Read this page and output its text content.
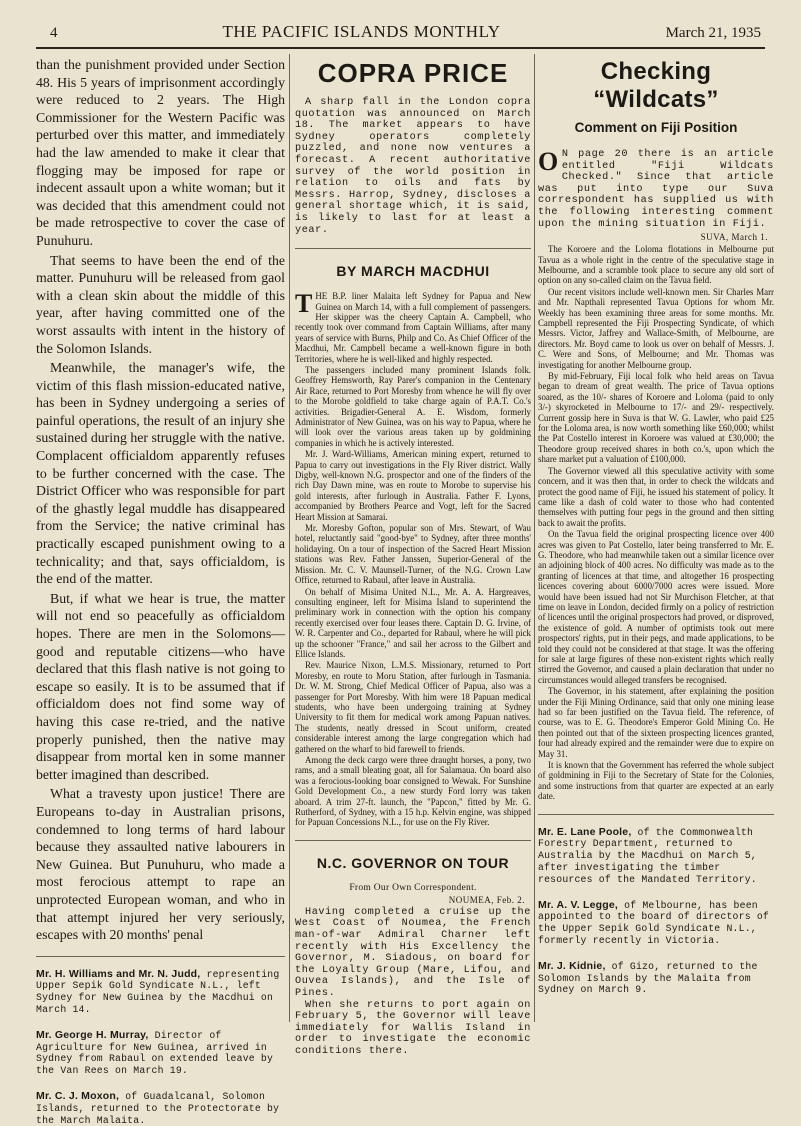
4	THE PACIFIC ISLANDS MONTHLY	March 21, 1935

than the punishment provided under Section 48. His 5 years of imprisonment accordingly were reduced to 2 years. The High Commissioner for the Western Pacific was perturbed over this matter, and immediately had the law amended to make it clear that flogging may be imposed for rape or indecent assault upon a white woman; but it was decided that this amendment could not be made retrospective to cover the case of Punuhuru.

That seems to have been the end of the matter. Punuhuru will be released from gaol with a clean skin about the middle of this year, after having committed one of the worst assaults with intent in the history of the Solomon Islands.

Meanwhile, the manager's wife, the victim of this flash mission-educated native, has been in Sydney undergoing a series of painful operations, the result of an injury she sustained during her struggle with the native. Complacent officialdom apparently refuses to be further concerned with the case. The District Officer who was responsible for part of the ghastly legal muddle has disappeared from the Service; the native criminal has practically escaped punishment owing to a technicality; and that, says officialdom, is the end of the matter.

But, if what we hear is true, the matter will not end so peacefully as officialdom hopes. There are men in the Solomons—good and reputable citizens—who have declared that this flash native is not going to escape so easily. It is to be assumed that if officialdom does not find some way of having this case re-tried, and the native properly punished, then the native may disappear from mortal ken in some manner better imagined than described.

What a travesty upon justice! There are Europeans to-day in Australian prisons, condemned to long terms of hard labour because they assaulted native labourers in New Guinea. But Punuhuru, who made a most ferocious attempt to rape an unprotected European woman, and who in that attempt injured her very seriously, escapes with 20 months' penal

Mr. H. Williams and Mr. N. Judd, representing Upper Sepik Gold Syndicate N.L., left Sydney for New Guinea by the Macdhui on March 14.

Mr. George H. Murray, Director of Agriculture for New Guinea, arrived in Sydney from Rabaul on extended leave by the Van Rees on March 19.

Mr. C. J. Moxon, of Guadalcanal, Solomon Islands, returned to the Protectorate by the March Malaita.

COPRA PRICE

A sharp fall in the London copra quotation was announced on March 18. The market appears to have Sydney operators completely puzzled, and none now ventures a forecast. A recent authoritative survey of the world position in relation to oils and fats by Messrs. Harrop, Sydney, discloses a general shortage which, it is said, is likely to last for at least a year.

BY MARCH MACDHUI

THE B.P. liner Malaita left Sydney for Papua and New Guinea on March 14, with a full complement of passengers. Her skipper was the cheery Captain A. Campbell, who recently took over command from Captain Williams, after many years of service with Burns, Philp and Co. As Chief Officer of the Macdhui, Mr. Campbell became a well-known figure in both Territories, where he is well-liked and highly respected.

The passengers included many prominent Islands folk. Geoffrey Hemsworth, Ray Parer's companion in the Centenary Air Race, returned to Port Moresby from whence he will fly over to the Morobe goldfield to take charge again of P.A.T. Co.'s activities. Brigadier-General A. E. Wisdom, formerly Administrator of New Guinea, was on his way to Papua, where he will look over the various areas taken up by goldmining companies in which he is actively interested.

Mr. J. Ward-Williams, American mining expert, returned to Papua to carry out investigations in the Fly River district. Wally Digby, well-known N.G. prospector and one of the finders of the rich Day Dawn mine, was en route to Morobe to supervise his gold interests, after furlough in Australia. Father F. Lyons, accompanied by Brothers Pearce and Vogt, left for the Sacred Heart Mission at Samarai.

Mr. Moresby Gofton, popular son of Mrs. Stewart, of Wau hotel, reluctantly said "good-bye" to Sydney, after three months' holidaying. On a tour of inspection of the Sacred Heart Mission stations was Rev. Father Janssen, Superior-General of the Mission. Mr. C. V. Maunsell-Turner, of the N.G. Crown Law Office, returned to Rabaul, after leave in Australia.

On behalf of Misima United N.L., Mr. A. A. Hargreaves, consulting engineer, left for Misima Island to superintend the preliminary work in connection with the option his company recently exercised over four leases there. Captain D. G. Irvine, of W. R. Carpenter and Co., departed for Rabaul, where he will pick up the schooner "France," and sail her across to the Gilbert and Ellice Islands.

Rev. Maurice Nixon, L.M.S. Missionary, returned to Port Moresby, en route to Moru Station, after furlough in Tasmania. Dr. W. M. Strong, Chief Medical Officer of Papua, also was a passenger for Port Moresby. With him were 18 Papuan medical students, who have been undergoing training at Sydney University to fit them for medical work among Papuan natives. The students, neatly dressed in Scout uniform, created considerable interest among the large congregation which had gathered on the wharf to bid farewell to friends.

Among the deck cargo were three draught horses, a pony, two rams, and a small bleating goat, all for Salamaua. On board also was a ferocious-looking boar consigned to Wewak. For Sunshine Gold Development Co., a new sturdy Ford lorry was taken aboard. A trim 27-ft. launch, the "Papcon," fitted by Mr. G. Rutherford, of Sydney, with a 15 h.p. Kelvin engine, was shipped for Papuan Concessions N.L., for use on the Fly River.

N.C. GOVERNOR ON TOUR
From Our Own Correspondent.
NOUMEA, Feb. 2.

Having completed a cruise up the West Coast of Noumea, the French man-of-war Admiral Charner left recently with His Excellency the Governor, M. Siadous, on board for the Loyalty Group (Mare, Lifou, and Ouvea Islands), and the Isle of Pines.

When she returns to port again on February 5, the Governor will leave immediately for Wallis Island in order to investigate the economic conditions there.

Checking “Wildcats”
Comment on Fiji Position

O N page 20 there is an article entitled "Fiji Wildcats Checked." Since that article was put into type our Suva correspondent has supplied us with the following interesting comment upon the mining situation in Fiji.

SUVA, March 1.

The Koroere and the Loloma flotations in Melbourne put Tavua as a whole right in the centre of the speculative stage in Melbourne, and a scramble took place to secure any old sort of option on any so-called claim on the Tavua field.

Our recent visitors include well-known men. Sir Charles Marr and Mr. Napthali represented Tavua Options for whom Mr. Weekly has been examining three areas for some months. Mr. Campbell represented the Fiji Prospecting Syndicate, of which Messrs. Victor, Jaffrey and Wallace-Smith, of Melbourne, are directors. Mr. Boyd came to look us over on behalf of Messrs. J. C. Were and Sons, of Melbourne; and Mr. Thomas was investigating for another Melbourne group.

By mid-February, Fiji local folk who held areas on Tavua began to dream of great wealth. The price of Tavua options soared, as the 10/- shares of Koroere and Loloma (paid to only 3/-) skyrocketed in Melbourne to 17/- and 29/- respectively. Current gossip here in Suva is that W. G. Lawler, who paid £25 for the Loloma area, is now worth something like £60,000; whilst the Pat Costello interest in Koroere was valued at £30,000; the Theodore group received shares in both co.'s, upon which the share market put a valuation of £100,000.

The Governor viewed all this speculative activity with some concern, and it was then that, in order to check the wildcats and protect the good name of Fiji, he issued his statement of policy. It came like a dash of cold water to those who had contented themselves with putting four pegs in the ground and then sitting back to await the profits.

On the Tavua field the original prospecting licence over 400 acres was given to Pat Costello, later being transferred to Mr. E. G. Theodore, who had meanwhile taken out a similar licence over an adjoining block of 400 acres. No difficulty was made as to the granting of licences at that time, and altogether 16 prospecting licences covering about 6000/7000 acres were issued. More would have been issued had not Sir Murchison Fletcher, at that time on leave in London, decided firmly on a policy of restriction of licences until the original prospectors had proved, or disproved, the existence of gold. A number of optimists took out mere prospectors' rights, put in their pegs, and made applications, to be told they could not be considered at that stage. It was the offering for sale at large figures of these non-existent rights which really stirred the Governor, and caused a plain declaration that under no circumstances would alleged transfers be recognised.

The Governor, in his statement, after explaining the position under the Fiji Mining Ordinance, said that only one mining lease had so far been justified on the Tavua field. The reference, of course, was to E. G. Theodore's Emperor Gold Mining Co. He then pointed out that of the sixteen prospecting licences granted, four had already expired and the remainder were due to expire on May 31.

It is known that the Government has referred the whole subject of goldmining in Fiji to the Secretary of State for the Colonies, and some instructions from that quarter are expected at an early date.

Mr. E. Lane Poole, of the Commonwealth Forestry Department, returned to Australia by the Macdhui on March 5, after investigating the timber resources of the Mandated Territory.

Mr. A. V. Legge, of Melbourne, has been appointed to the board of directors of the Upper Sepik Gold Syndicate N.L., formerly recently in Victoria.

Mr. J. Kidnie, of Gizo, returned to the Solomon Islands by the Malaita from Sydney on March 9.
